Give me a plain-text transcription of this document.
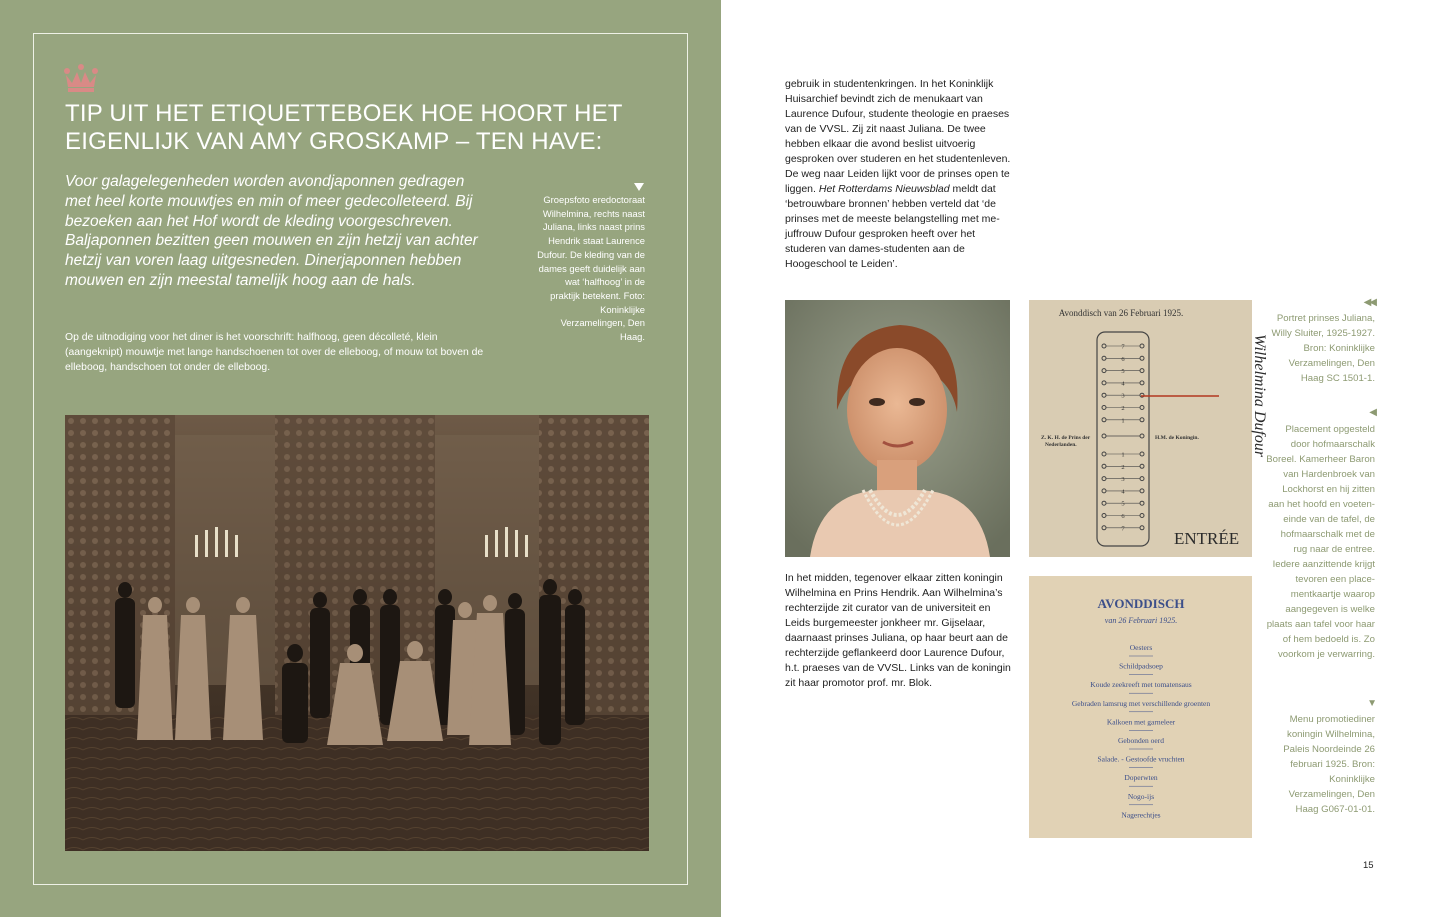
TIP UIT HET ETIQUETTEBOEK HOE HOORT HET
EIGENLIJK VAN AMY GROSKAMP – TEN HAVE:

Voor galagelegenheden worden avondjaponnen gedragen met heel korte mouwtjes en min of meer gedecolleteerd. Bij bezoeken aan het Hof wordt de kleding voorgeschreven. Baljaponnen bezitten geen mouwen en zijn hetzij van achter hetzij van voren laag uitgesneden. Dinerjaponnen hebben mouwen en zijn meestal tamelijk hoog aan de hals.

Op de uitnodiging voor het diner is het voorschrift: halfhoog, geen décolleté, klein (aangeknipt) mouwtje met lange handschoenen tot over de elleboog, of mouw tot boven de elleboog, handschoen tot onder de elleboog.

Groepsfoto eredoctoraat Wilhelmina, rechts naast Juliana, links naast prins Hendrik staat Laurence Dufour. De kleding van de dames geeft duidelijk aan wat ‘halfhoog’ in de praktijk betekent. Foto: Koninklijke Verzamelingen, Den Haag.

gebruik in studentenkringen. In het Koninklijk Huisarchief bevindt zich de menukaart van Laurence Dufour, studente theologie en praeses van de VVSL. Zij zit naast Juliana. De twee hebben elkaar die avond beslist uitvoerig gesproken over studeren en het studentenleven. De weg naar Leiden lijkt voor de prinses open te liggen. Het Rotterdams Nieuwsblad meldt dat ‘betrouwbare bronnen’ hebben verteld dat ‘de prinses met de meeste belangstelling met mejuffrouw Dufour gesproken heeft over het studeren van dames-studenten aan de Hoogeschool te Leiden’.

Avonddisch van 26 Februari 1925.
7
6
5
4
3
2
1
1
2
3
4
5
6
7
Z. K. H. de Prins der
Nederlanden.
H.M. de Koningin.	Wilhelmina Dufour
ENTRÉE
AVONDDISCH
van 26 Februari 1925.
Oesters
Schildpadsoep
Koude zeekreeft met tomatensaus
Gebraden lamsrug met verschillende groenten
Kalkoen met garneleer
Gebonden oerd
Salade. - Gestoofde vruchten
Doperwten
Nogo-ijs
Nagerechtjes

In het midden, tegenover elkaar zitten koningin Wilhelmina en Prins Hendrik. Aan Wilhelmina’s rechterzijde zit curator van de universiteit en Leids burgemeester jonkheer mr. Gijselaar, daarnaast prinses Juliana, op haar beurt aan de rechterzijde geflankeerd door Laurence Dufour, h.t. praeses van de VVSL. Links van de koningin zit haar promotor prof. mr. Blok.

◀◀

Portret prinses Juliana, Willy Sluiter, 1925-1927. Bron: Koninklijke Verzamelingen, Den Haag SC 1501-1.

◀

Placement opgesteld door hofmaarschalk Boreel. Kamerheer Baron van Hardenbroek van Lockhorst en hij zitten aan het hoofd en voeteneinde van de tafel, de hofmaarschalk met de rug naar de entree. Iedere aanzittende krijgt tevoren een placementkaartje waarop aangegeven is welke plaats aan tafel voor haar of hem bedoeld is. Zo voorkom je verwarring.

▼

Menu promotiediner koningin Wilhelmina, Paleis Noordeinde 26 februari 1925. Bron: Koninklijke Verzamelingen, Den Haag G067-01-01.

15
